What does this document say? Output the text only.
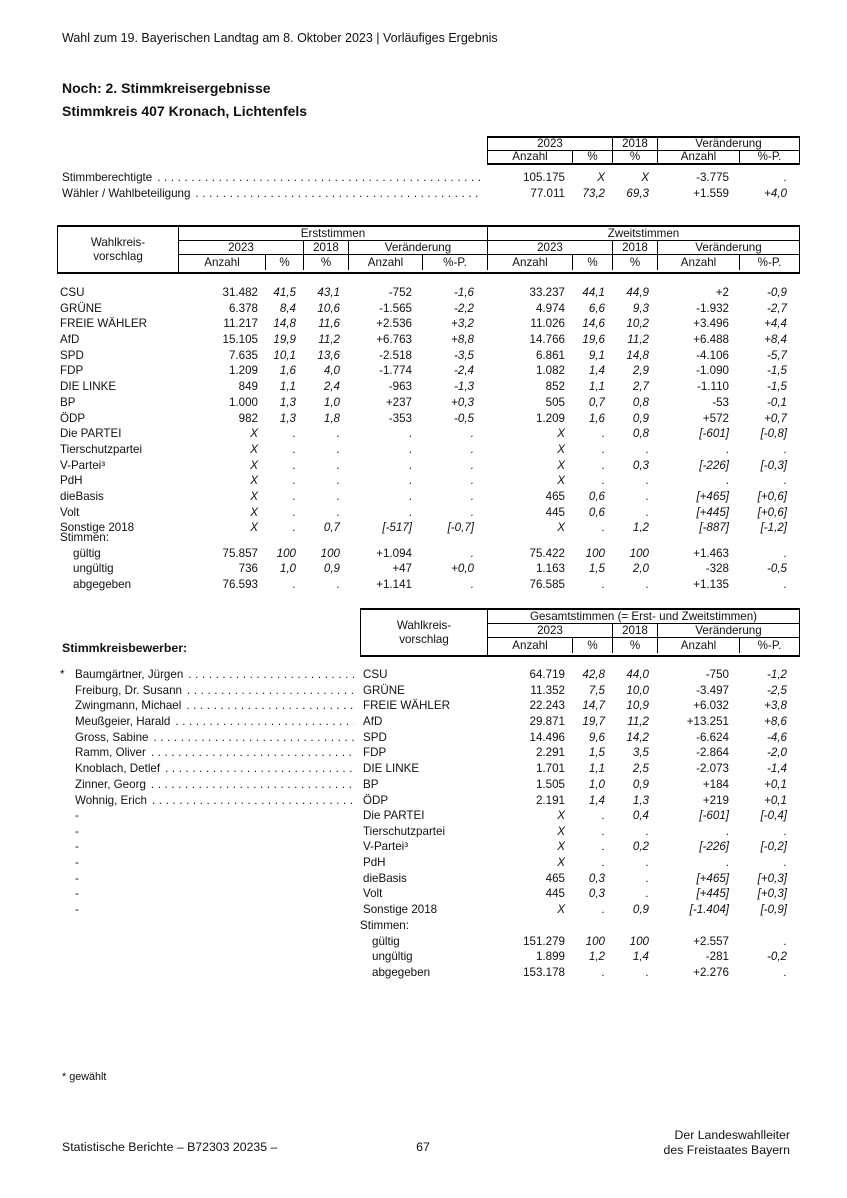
Wahl zum 19. Bayerischen Landtag am 8. Oktober 2023 | Vorläufiges Ergebnis
Noch: 2. Stimmkreisergebnisse
Stimmkreis 407 Kronach, Lichtenfels
2023	2018	Veränderung
Anzahl	%	%	Anzahl	%-P.
Stimmberechtigte .....	105.175	X	X	-3.775	.
Wähler / Wahlbeteiligung .....	77.011	73,2	69,3	+1.559	+4,0
Wahlkreis-
vorschlag
Erststimmen	Zweitstimmen
2023	2018	Veränderung	2023	2018	Veränderung
Anzahl	%	%	Anzahl	%-P.	Anzahl	%	%	Anzahl	%-P.
CSU	31.482	41,5	43,1	-752	-1,6	33.237	44,1	44,9	+2	-0,9
GRÜNE	6.378	8,4	10,6	-1.565	-2,2	4.974	6,6	9,3	-1.932	-2,7
FREIE WÄHLER	11.217	14,8	11,6	+2.536	+3,2	11.026	14,6	10,2	+3.496	+4,4
AfD	15.105	19,9	11,2	+6.763	+8,8	14.766	19,6	11,2	+6.488	+8,4
SPD	7.635	10,1	13,6	-2.518	-3,5	6.861	9,1	14,8	-4.106	-5,7
FDP	1.209	1,6	4,0	-1.774	-2,4	1.082	1,4	2,9	-1.090	-1,5
DIE LINKE	849	1,1	2,4	-963	-1,3	852	1,1	2,7	-1.110	-1,5
BP	1.000	1,3	1,0	+237	+0,3	505	0,7	0,8	-53	-0,1
ÖDP	982	1,3	1,8	-353	-0,5	1.209	1,6	0,9	+572	+0,7
Die PARTEI	X	.	.	.	.	X	.	0,8	[-601]	[-0,8]
Tierschutzpartei	X	.	.	.	.	X	.	.	.	.
V-Partei³	X	.	.	.	.	X	.	0,3	[-226]	[-0,3]
PdH	X	.	.	.	.	X	.	.	.	.
dieBasis	X	.	.	.	.	465	0,6	.	[+465]	[+0,6]
Volt	X	.	.	.	.	445	0,6	.	[+445]	[+0,6]
Sonstige 2018	X	.	0,7	[-517]	[-0,7]	X	.	1,2	[-887]	[-1,2]
Stimmen:
gültig	75.857	100	100	+1.094	.	75.422	100	100	+1.463	.
ungültig	736	1,0	0,9	+47	+0,0	1.163	1,5	2,0	-328	-0,5
abgegeben	76.593	.	.	+1.141	.	76.585	.	.	+1.135	.
Stimmkreisbewerber:
Wahlkreis-
vorschlag
Gesamtstimmen (= Erst- und Zweitstimmen)
2023	2018	Veränderung
Anzahl	%	%	Anzahl	%-P.
* Baumgärtner, Jürgen .....	CSU	64.719	42,8	44,0	-750	-1,2
Freiburg, Dr. Susann .....	GRÜNE	11.352	7,5	10,0	-3.497	-2,5
Zwingmann, Michael .....	FREIE WÄHLER	22.243	14,7	10,9	+6.032	+3,8
Meußgeier, Harald .....	AfD	29.871	19,7	11,2	+13.251	+8,6
Gross, Sabine .....	SPD	14.496	9,6	14,2	-6.624	-4,6
Ramm, Oliver .....	FDP	2.291	1,5	3,5	-2.864	-2,0
Knoblach, Detlef .....	DIE LINKE	1.701	1,1	2,5	-2.073	-1,4
Zinner, Georg .....	BP	1.505	1,0	0,9	+184	+0,1
Wohnig, Erich .....	ÖDP	2.191	1,4	1,3	+219	+0,1
-	Die PARTEI	X	.	0,4	[-601]	[-0,4]
-	Tierschutzpartei	X	.	.	.	.
-	V-Partei³	X	.	0,2	[-226]	[-0,2]
-	PdH	X	.	.	.	.
-	dieBasis	465	0,3	.	[+465]	[+0,3]
-	Volt	445	0,3	.	[+445]	[+0,3]
-	Sonstige 2018	X	.	0,9	[-1.404]	[-0,9]
Stimmen:
gültig	151.279	100	100	+2.557	.
ungültig	1.899	1,2	1,4	-281	-0,2
abgegeben	153.178	.	.	+2.276	.
* gewählt
Statistische Berichte – B72303 20235 –	67
Der Landeswahlleiter
des Freistaates Bayern
